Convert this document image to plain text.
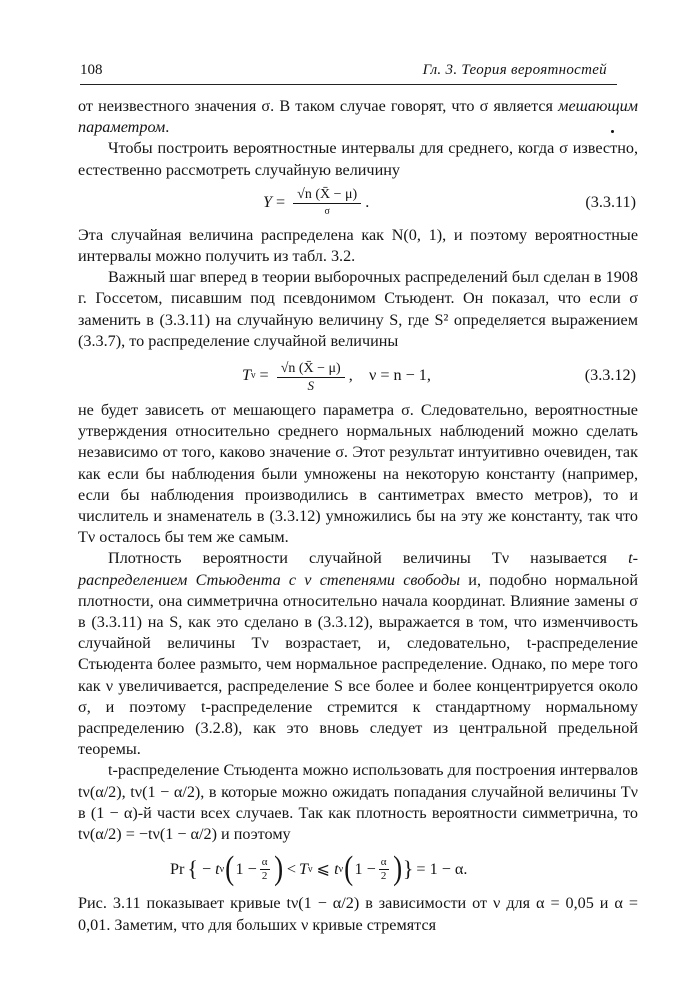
108	Гл. 3. Теория вероятностей

от неизвестного значения σ. В таком случае говорят, что σ является мешающим параметром.

Чтобы построить вероятностные интервалы для среднего, когда σ известно, естественно рассмотреть случайную величину

$Y = \frac{√n (X̄ - \mu)}{\sigma}$ .	(3.3.11)

Эта случайная величина распределена как N(0, 1), и поэтому вероятностные интервалы можно получить из табл. 3.2.

Важный шаг вперед в теории выборочных распределений был сделан в 1908 г. Госсетом, писавшим под псевдонимом Стьюдент. Он показал, что если σ заменить в (3.3.11) на случайную величину S, где S² определяется выражением (3.3.7), то распределение случайной величины

T $\nu = \frac{√n (X̄ - \mu)}{S}$ ,    ν = n − 1,	(3.3.12)

не будет зависеть от мешающего параметра σ. Следовательно, вероятностные утверждения относительно среднего нормальных наблюдений можно сделать независимо от того, каково значение σ. Этот результат интуитивно очевиден, так как если бы наблюдения были умножены на некоторую константу (например, если бы наблюдения производились в сантиметрах вместо метров), то и числитель и знаменатель в (3.3.12) умножились бы на эту же константу, так что Tν осталось бы тем же самым.

Плотность вероятности случайной величины Tν называется t-распределением Стьюдента с ν степенями свободы и, подобно нормальной плотности, она симметрична относительно начала координат. Влияние замены σ в (3.3.11) на S, как это сделано в (3.3.12), выражается в том, что изменчивость случайной величины Tν возрастает, и, следовательно, t-распределение Стьюдента более размыто, чем нормальное распределение. Однако, по мере того как ν увеличивается, распределение S все более и более концентрируется около σ, и поэтому t-распределение стремится к стандартному нормальному распределению (3.2.8), как это вновь следует из центральной предельной теоремы.

t-распределение Стьюдента можно использовать для построения интервалов tν(α/2), tν(1 − α/2), в которые можно ожидать попадания случайной величины Tν в (1 − α)-й части всех случаев. Так как плотность вероятности симметрична, то tν(α/2) = −tν(1 − α/2) и поэтому

Pr { − t ν ( $1 - \frac{\alpha}{2}$ ) < T ν ⩽ t ν ( $1 - \frac{\alpha}{2}$ ) } = 1 − α.

Рис. 3.11 показывает кривые tν(1 − α/2) в зависимости от ν для α = 0,05 и α = 0,01. Заметим, что для больших ν кривые стремятся
